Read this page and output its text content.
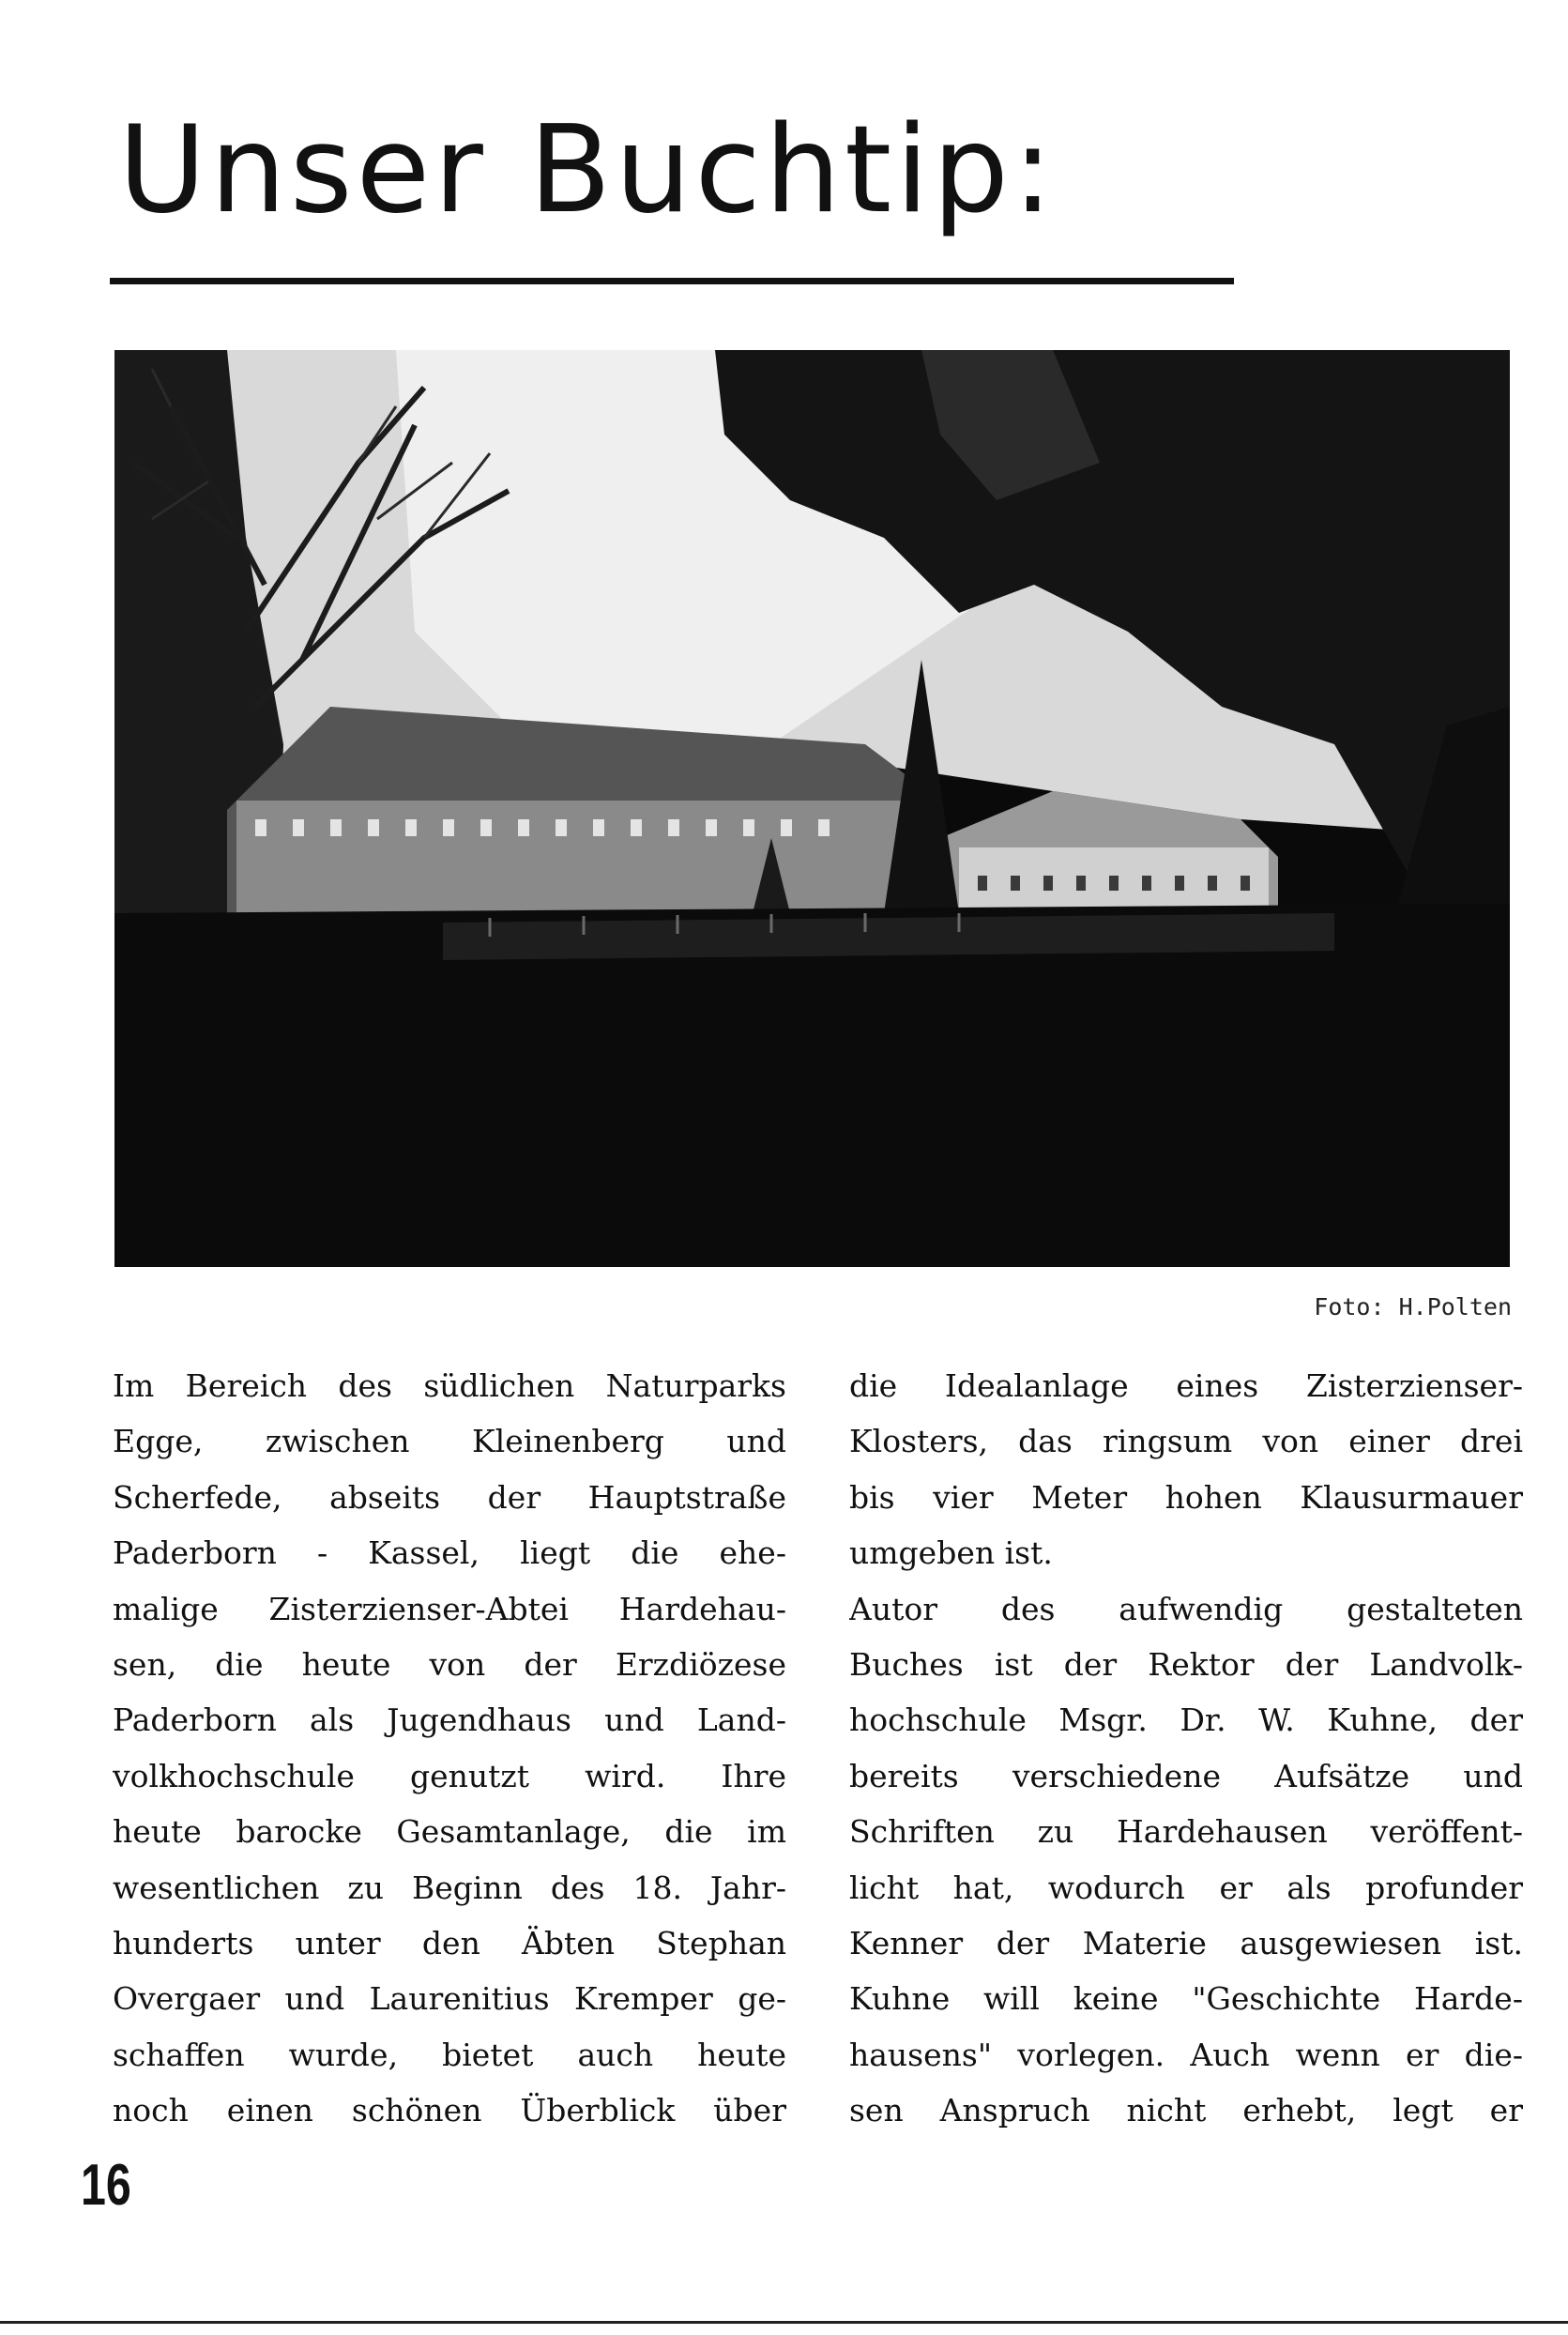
Unser Buchtip:
Foto: H.Polten
Im Bereich des südlichen Naturparks
Egge, zwischen Kleinenberg und
Scherfede, abseits der Hauptstraße
Paderborn - Kassel, liegt die ehe-
malige Zisterzienser-Abtei Hardehau-
sen, die heute von der Erzdiözese
Paderborn als Jugendhaus und Land-
volkhochschule genutzt wird. Ihre
heute barocke Gesamtanlage, die im
wesentlichen zu Beginn des 18. Jahr-
hunderts unter den Äbten Stephan
Overgaer und Laurenitius Kremper ge-
schaffen wurde, bietet auch heute
noch einen schönen Überblick über
die Idealanlage eines Zisterzienser-
Klosters, das ringsum von einer drei
bis vier Meter hohen Klausurmauer
umgeben ist.
Autor des aufwendig gestalteten
Buches ist der Rektor der Landvolk-
hochschule Msgr. Dr. W. Kuhne, der
bereits verschiedene Aufsätze und
Schriften zu Hardehausen veröffent-
licht hat, wodurch er als profunder
Kenner der Materie ausgewiesen ist.
Kuhne will keine "Geschichte Harde-
hausens" vorlegen. Auch wenn er die-
sen Anspruch nicht erhebt, legt er
16
